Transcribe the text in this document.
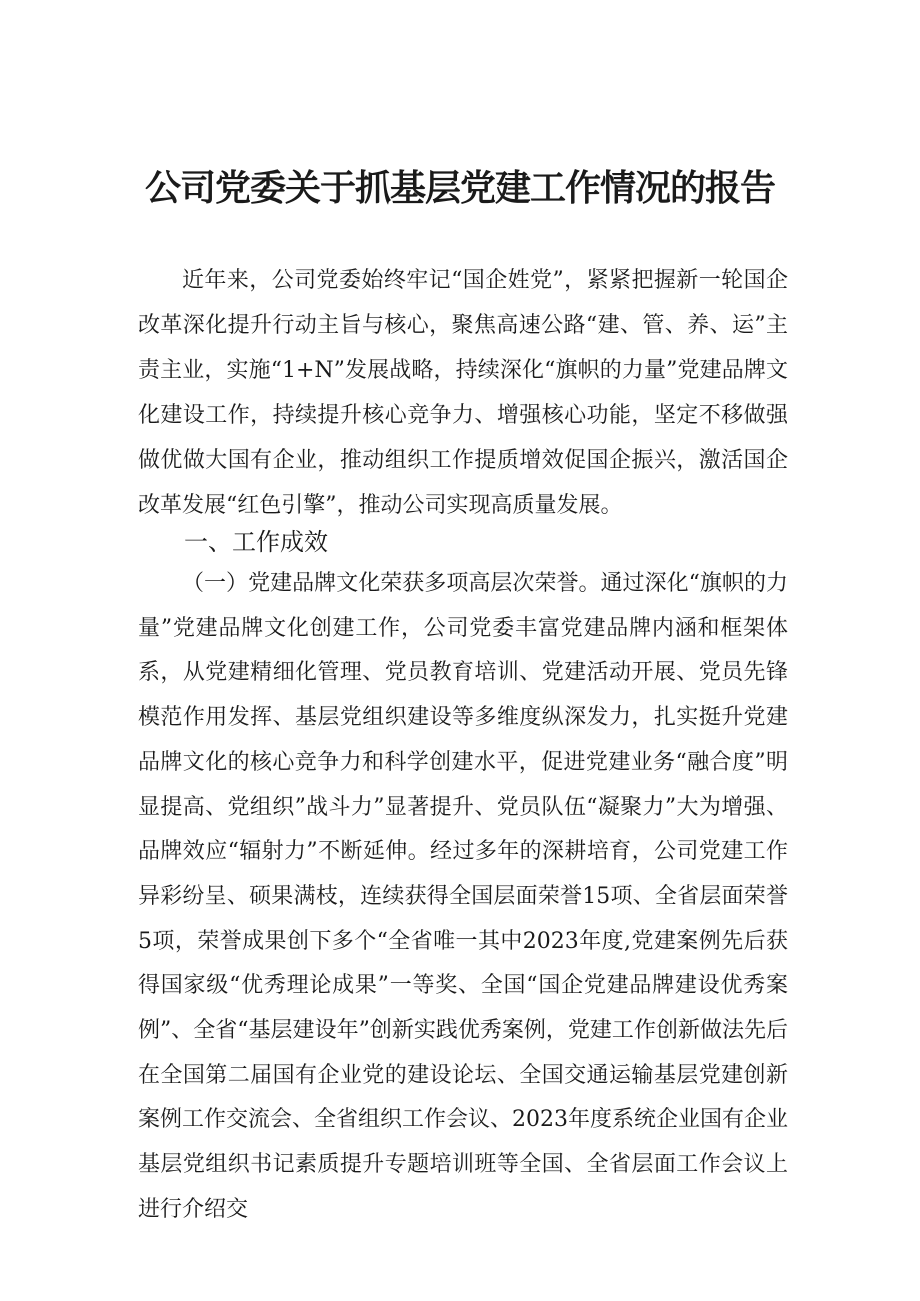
公司党委关于抓基层党建工作情况的报告

近年来，公司党委始终牢记“国企姓党”，紧紧把握新一轮国企改革深化提升行动主旨与核心，聚焦高速公路“建、管、养、运”主责主业，实施“1+N”发展战略，持续深化“旗帜的力量”党建品牌文化建设工作，持续提升核心竞争力、增强核心功能，坚定不移做强做优做大国有企业，推动组织工作提质增效促国企振兴，激活国企改革发展“红色引擎”，推动公司实现高质量发展。

一、工作成效

（一）党建品牌文化荣获多项高层次荣誉。通过深化“旗帜的力量”党建品牌文化创建工作，公司党委丰富党建品牌内涵和框架体系，从党建精细化管理、党员教育培训、党建活动开展、党员先锋模范作用发挥、基层党组织建设等多维度纵深发力，扎实挺升党建品牌文化的核心竞争力和科学创建水平，促进党建业务“融合度”明显提高、党组织”战斗力”显著提升、党员队伍“凝聚力”大为增强、品牌效应“辐射力”不断延伸。经过多年的深耕培育，公司党建工作异彩纷呈、硕果满枝，连续获得全国层面荣誉15项、全省层面荣誉5项，荣誉成果创下多个“全省唯一其中2023年度,党建案例先后获得国家级“优秀理论成果”一等奖、全国“国企党建品牌建设优秀案例”、全省“基层建设年”创新实践优秀案例，党建工作创新做法先后在全国第二届国有企业党的建设论坛、全国交通运输基层党建创新案例工作交流会、全省组织工作会议、2023年度系统企业国有企业基层党组织书记素质提升专题培训班等全国、全省层面工作会议上进行介绍交
